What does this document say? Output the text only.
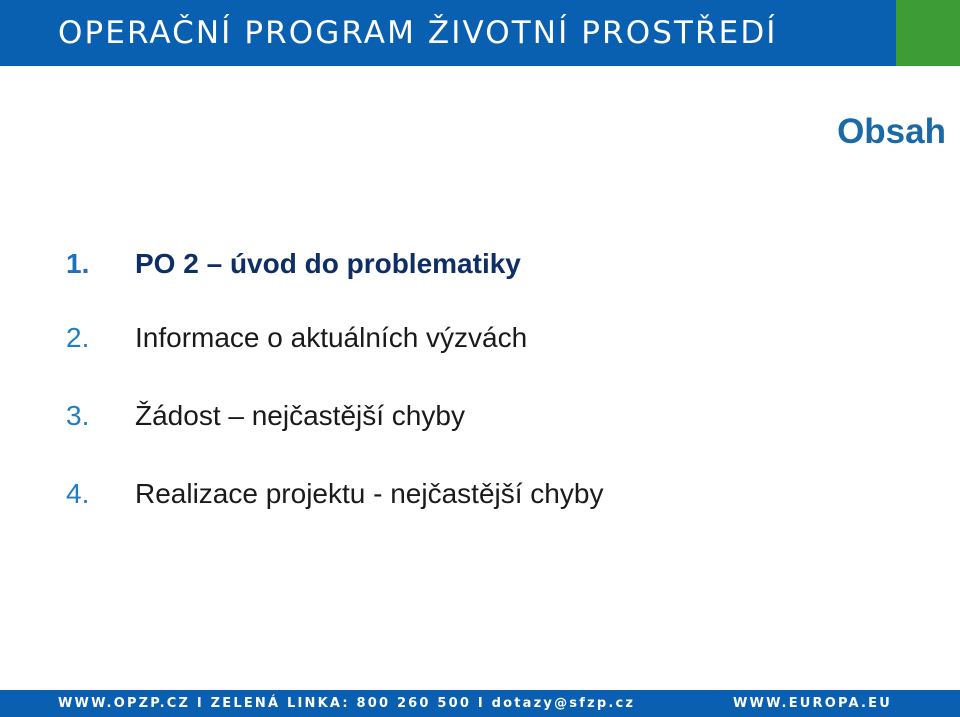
OPERAČNÍ PROGRAM ŽIVOTNÍ PROSTŘEDÍ
Obsah
1. PO 2 – úvod do problematiky
2. Informace o aktuálních výzvách
3. Žádost – nejčastější chyby
4. Realizace projektu - nejčastější chyby
WWW.OPZP.CZ I ZELENÁ LINKA: 800 260 500 I dotazy@sfzp.cz	WWW.EUROPA.EU
